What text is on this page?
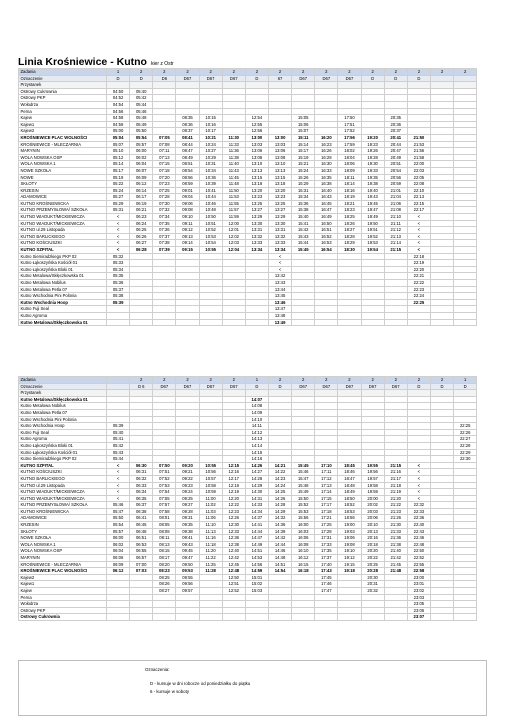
Linia Krośniewice - Kutno kier z Ostr
Zadania	1	2	2	2	2	2	2	2	2	2	2	2	2	2	2	2
Oznaczenie	D	D	D6	D67	D67	D67	D	67	D67	D67	D67	D	D	D		
Przystanek																
Ostrowy Cukrownia	04:50	05:40														
Ostrowy PKP	04:52	05:42														
Wołodrza	04:54	05:44														
Perna	04:56	05:46														
Kajew	04:58	05:48		08:35	10:15		12:54		15:05		17:50		20:35			
Kajew1	04:59	05:49		08:36	10:16		12:55		15:06		17:51		20:36			
Kajew2	05:00	05:50		08:37	10:17		12:56		15:07		17:52		20:37			
KROŚNIEWICE PLAC WOLNOŚCI	05:04	05:54	07:05	08:41	10:21	11:30	13:00	13:00	15:11	16:20	17:56	19:20	20:41	21:50		
KROŚNIEWICE - MLECZARNIA	05:07	05:57	07:08	08:44	10:24	11:33	13:03	13:03	15:14	16:23	17:59	19:23	20:44	21:53		
MARYNIN	05:10	06:00	07:11	08:47	10:27	11:36	13:06	13:06	15:17	16:26	18:02	19:26	20:47	21:56		
WOLA NOWSKA OSP	05:12	06:02	07:13	08:49	10:29	11:38	13:08	13:08	15:19	16:28	18:04	19:28	20:49	21:58		
WOLA NOWSKA 1	05:14	06:04	07:15	08:51	10:31	11:40	13:10	13:10	15:21	16:30	18:06	19:30	20:51	22:00		
NOWE SZKOŁA	05:17	06:07	07:18	08:54	10:34	11:43	13:13	13:13	15:24	16:33	18:09	19:33	20:54	22:03		
NOWE	05:19	06:09	07:20	08:56	10:36	11:45	13:15	13:15	15:26	16:35	18:11	19:35	20:56	22:05		
SKŁOTY	05:22	06:12	07:23	08:59	10:39	11:48	13:18	13:18	15:29	16:38	18:14	19:38	20:59	22:08		
KRZESIN	05:24	06:14	07:25	09:01	10:41	11:50	13:20	13:20	15:31	16:40	18:16	19:40	21:01	22:10		
ADAMOWICE	05:27	06:17	07:28	09:04	10:44	11:53	13:23	13:23	15:34	16:43	18:19	19:43	21:04	22:13		
KUTNO KROŚNIEWICKA	05:29	06:19	07:30	09:06	10:46	11:55	13:25	13:25	15:36	16:45	18:21	19:45	21:06	22:15		
KUTNO PRZEMYSŁOWA/ SZKOŁA	05:31	06:21	07:32	09:08	10:48	11:57	13:27	13:27	15:38	16:47	18:23	19:47	21:08	22:17		
KUTNO WIADUKT/MICKIEWICZA	<	06:23	07:34	09:10	10:50	11:59	13:29	13:29	15:40	16:49	18:25	19:49	21:10	<		
KUTNO WIADUKT/MICKIEWICZA	<	06:24	07:35	09:11	10:51	12:00	13:30	13:30	15:41	16:50	18:26	19:50	21:11	<		
KUTNO ul.29 Listopada	<	06:25	07:36	09:12	10:52	12:01	13:31	13:31	15:42	16:51	18:27	19:51	21:12	<		
KUTNO BARLICKIEGO	<	06:26	07:37	09:13	10:53	12:02	13:32	13:32	15:43	16:52	18:28	19:52	21:13	<		
KUTNO KOŚCIUSZKI	<	06:27	07:38	09:14	10:54	12:03	13:33	13:33	15:44	16:53	18:29	19:53	21:14	<		
KUTNO SZPITAL	<	06:28	07:39	09:15	10:55	12:04	13:34	13:34	15:45	16:54	18:30	19:54	21:15	<		
Kutno Siemiradzkiego PKP 02	05:32							<						22:18		
Kutno Łąkoszyńska Kościół 01	05:33							<						22:19		
Kutno Łąkoszyńska Bloki 01	05:34							<						22:20		
Kutno Metalowa/Skłęczkowska 01	05:35							13:42						22:21		
Kutno Metalowa Nobilus	05:36							13:43						22:22		
Kutno Metalowa Petla 07	05:37							13:44						22:23		
Kutno Wschodnia Pini Polonia	05:38							13:45						22:24		
Kutno Wschodnia Hoop	05:39							13:46						22:25		
Kutno Fuji Seal								13:47								
Kutno Agroma								13:48								
Kutno Metalowa/Skłęczkowska 01								13:49								
Zadania		2	2	2	2	2	1	2	2	2	2	2	2	2	2	1
Oznaczenie		D 6	D67	D67	D67	D67	D	D	D67	D67	D67	D67	D67	D	D	D
Przystanek																
Kutno Metalowa/Skłęczkowska 01							14:07									
Kutno Metalowa Nobilus							14:08									
Kutno Metalowa Petla 07							14:09									
Kutno Wschodnia Pini Polonia							14:10									
Kutno Wschodnia Hoop	05:39						14:11									22:25
Kutno Fuji Seal	05:40						14:12									22:26
Kutno Agroma	05:41						14:13									22:27
Kutno Łąkoszyńska Bloki 01	05:42						14:14									22:28
Kutno Łąkoszyńska Kościół 01	05:43						14:15									22:29
Kutno Siemiradzkiego PKP 02	05:44						14:16									22:30
KUTNO SZPITAL	<	06:30	07:50	09:20	10:55	12:15	14:26	14:21	15:45	17:10	18:45	19:55	21:15	<		
KUTNO KOŚCIUSZKI	<	06:31	07:51	09:21	10:56	12:16	14:27	14:22	15:46	17:11	18:46	19:56	21:16	<		
KUTNO BARLICKIEGO	<	06:32	07:52	09:22	10:57	12:17	14:28	14:23	15:47	17:12	18:47	19:57	21:17	<		
KUTNO ul.29 Listopada	<	06:33	07:53	09:23	10:58	12:18	14:29	14:24	15:48	17:13	18:48	19:58	21:18	<		
KUTNO WIADUKT/MICKIEWICZA	<	06:34	07:54	09:24	10:59	12:19	14:30	14:25	15:49	17:14	18:49	19:59	21:19	<		
KUTNO WIADUKT/MICKIEWICZA	<	06:35	07:55	09:25	11:00	12:20	14:31	14:26	15:50	17:15	18:50	20:00	21:20	<		
KUTNO PRZEMYSŁOWA/ SZKOŁA	05:46	06:37	07:57	09:27	11:02	12:22	14:33	14:28	15:52	17:17	18:52	20:02	21:22	22:32		
KUTNO KROŚNIEWICKA	05:47	06:38	07:58	09:28	11:03	12:23	14:34	14:29	15:53	17:18	18:53	20:03	21:23	22:33		
ADAMOWICE	05:50	06:41	08:01	09:31	11:06	12:26	14:37	14:32	15:56	17:21	18:56	20:06	21:26	22:36		
KRZESIN	05:54	06:45	08:05	09:35	11:10	12:30	14:41	14:36	16:00	17:25	19:00	20:10	21:30	22:40		
SKŁOTY	05:57	06:48	08:08	09:38	11:13	12:33	14:44	14:39	16:03	17:28	19:03	20:13	21:33	22:43		
NOWE SZKOŁA	06:00	06:51	08:11	09:41	11:16	12:36	14:47	14:42	16:06	17:31	19:06	20:16	21:36	22:46		
WOLA NOWSKA 1	06:02	06:53	08:13	09:43	11:18	12:38	14:49	14:44	16:08	17:33	19:08	20:18	21:38	22:48		
WOLA NOWSKA OSP	06:04	06:55	08:15	09:45	11:20	12:40	14:51	14:46	16:10	17:35	19:10	20:20	21:40	22:50		
MARYNIN	06:06	06:57	08:17	09:47	11:22	12:42	14:53	14:48	16:12	17:37	19:12	20:22	21:42	22:52		
KROŚNIEWICE - MLECZARNIA	06:09	07:00	08:20	09:50	11:25	12:45	14:56	14:51	16:15	17:40	19:15	20:25	21:45	22:55		
KROŚNIEWICE PLAC WOLNOŚCI	06:12	07:03	08:23	09:53	11:28	12:48	14:59	14:54	16:18	17:43	19:18	20:28	21:48	22:58		
Kajew2			08:25	09:55		12:50	15:01			17:45		20:30		23:00		
Kajew1			08:26	09:56		12:51	15:02			17:46		20:31		23:01		
Kajew			08:27	09:57		12:52	15:03			17:47		20:32		23:02		
Perna														23:03		
Wołodrza														23:05		
Ostrowy PKP														23:06		
Ostrowy Cukrownia														23:07		
Oznaczenia:
D - kursuje w dni robocze od poniedziałku do piątku
6 - kursuje w soboty
